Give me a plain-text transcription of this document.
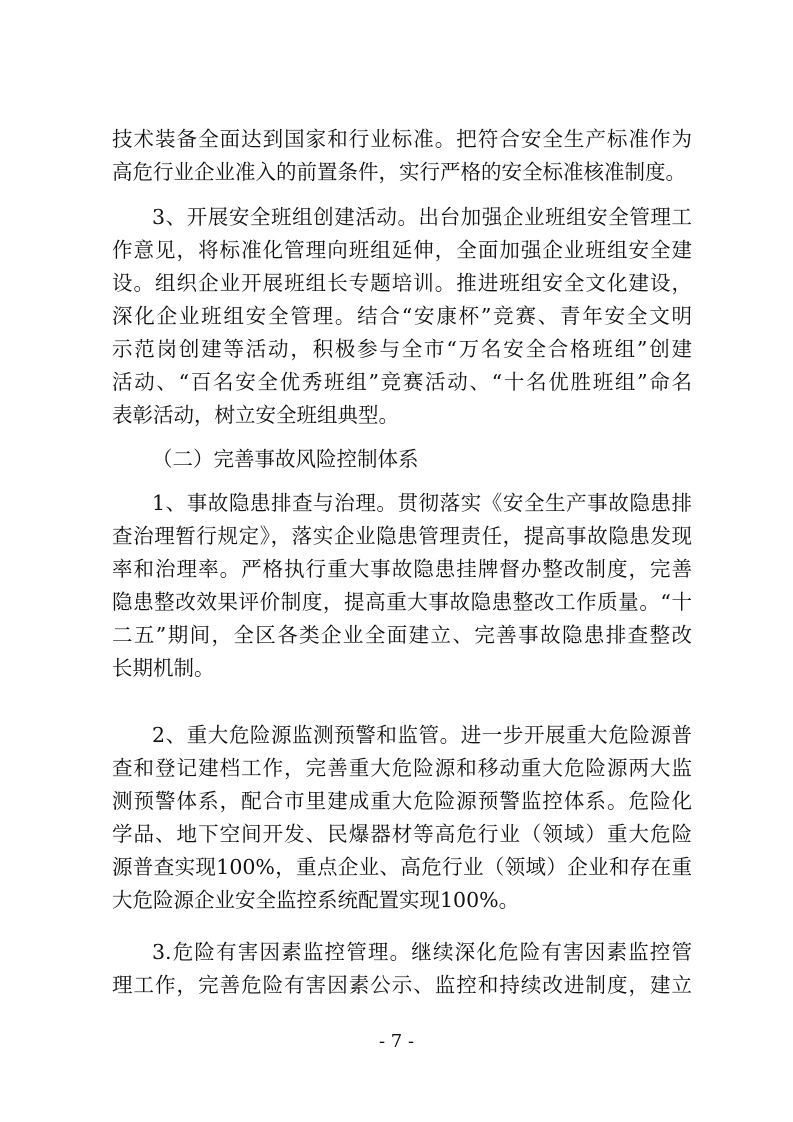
技术装备全面达到国家和行业标准。把符合安全生产标准作为
高危行业企业准入的前置条件，实行严格的安全标准核准制度。
3、开展安全班组创建活动。出台加强企业班组安全管理工
作意见，将标准化管理向班组延伸，全面加强企业班组安全建
设。组织企业开展班组长专题培训。推进班组安全文化建设，
深化企业班组安全管理。结合“安康杯”竞赛、青年安全文明
示范岗创建等活动，积极参与全市“万名安全合格班组”创建
活动、“百名安全优秀班组”竞赛活动、“十名优胜班组”命名
表彰活动，树立安全班组典型。
（二）完善事故风险控制体系
1、事故隐患排查与治理。贯彻落实《安全生产事故隐患排
查治理暂行规定》，落实企业隐患管理责任，提高事故隐患发现
率和治理率。严格执行重大事故隐患挂牌督办整改制度，完善
隐患整改效果评价制度，提高重大事故隐患整改工作质量。“十
二五”期间，全区各类企业全面建立、完善事故隐患排查整改
长期机制。
2、重大危险源监测预警和监管。进一步开展重大危险源普
查和登记建档工作，完善重大危险源和移动重大危险源两大监
测预警体系，配合市里建成重大危险源预警监控体系。危险化
学品、地下空间开发、民爆器材等高危行业（领域）重大危险
源普查实现100%，重点企业、高危行业（领域）企业和存在重
大危险源企业安全监控系统配置实现100%。
3.危险有害因素监控管理。继续深化危险有害因素监控管
理工作，完善危险有害因素公示、监控和持续改进制度，建立
- 7 -
